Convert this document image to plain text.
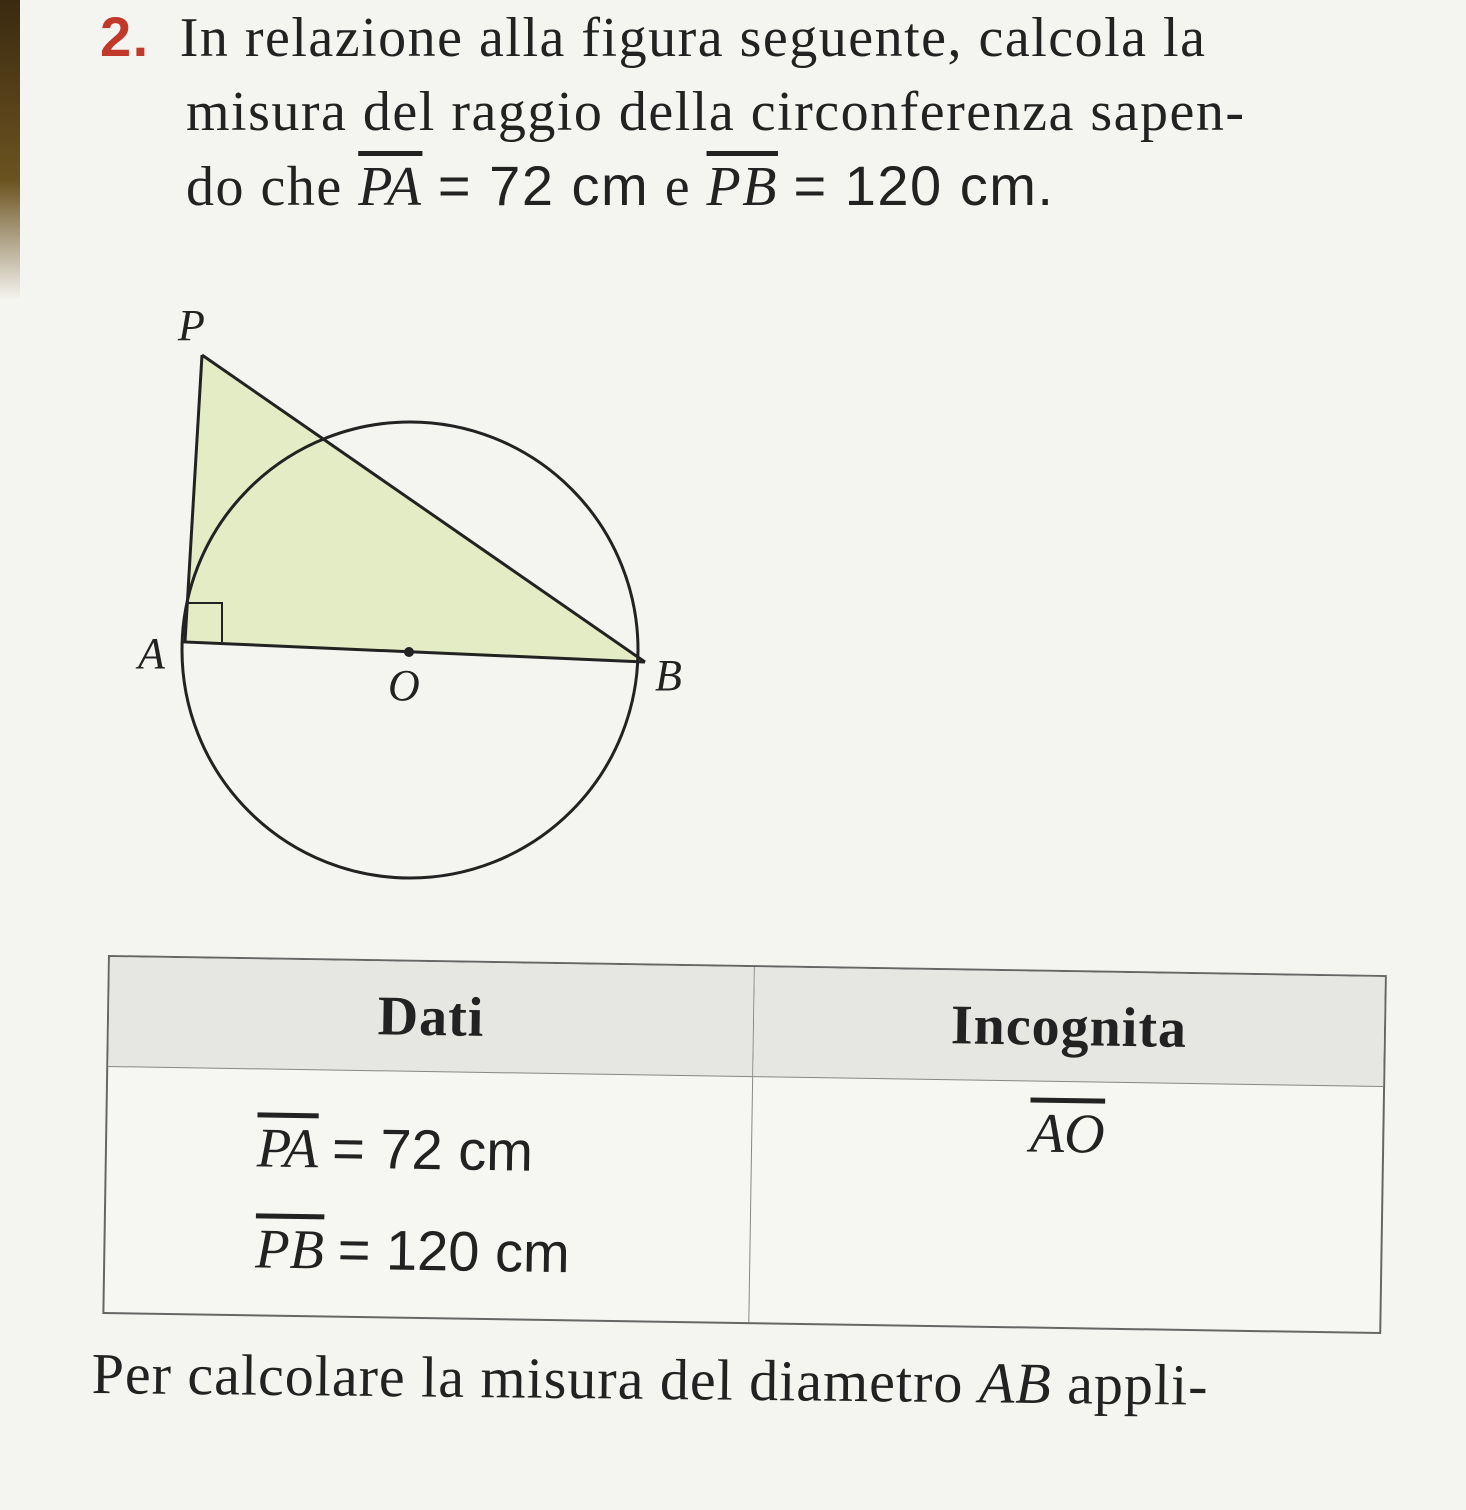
2. In relazione alla figura seguente, calcola la
misura del raggio della circonferenza sapen-
do che $\overline{PA} = 72$ cm e $\overline{PB} = 120$ cm.
P
A
O	B
Dati	Incognita
$\overline{PA} = 72$ cm
$\overline{PB} = 120$ cm
$\overline{AO}$
Per calcolare la misura del diametro AB appli-
